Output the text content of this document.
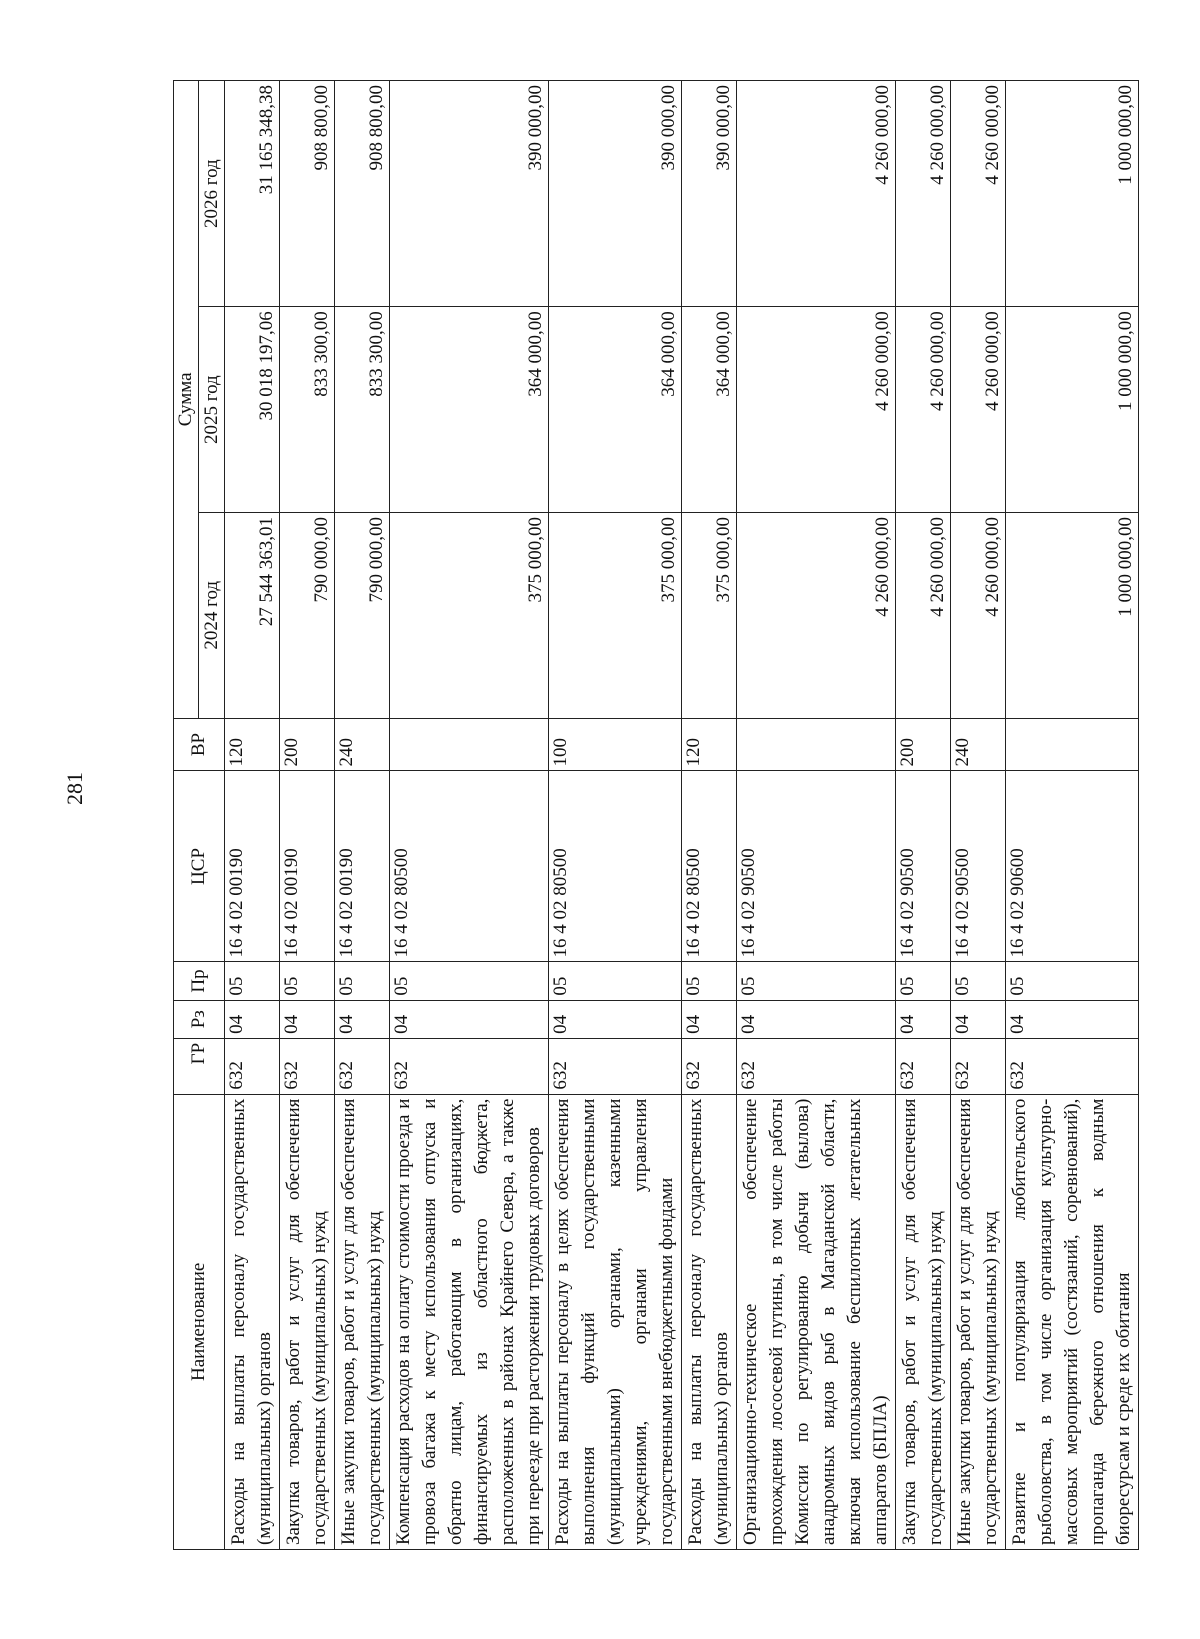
281
Наименование	ГР	Рз	Пр	ЦСР	ВР	Сумма		
						2024 год	2025 год	2026 год
Расходы на выплаты персоналу государственных (муниципальных) органов	632	04	05	16 4 02 00190	120	27 544 363,01	30 018 197,06	31 165 348,38
Закупка товаров, работ и услуг для обеспечения государственных (муниципальных) нужд	632	04	05	16 4 02 00190	200	790 000,00	833 300,00	908 800,00
Иные закупки товаров, работ и услуг для обеспечения государственных (муниципальных) нужд	632	04	05	16 4 02 00190	240	790 000,00	833 300,00	908 800,00
Компенсация расходов на оплату стоимости проезда и провоза багажа к месту использования отпуска и обратно лицам, работающим в организациях, финансируемых из областного бюджета, расположенных в районах Крайнего Севера, а также при переезде при расторжении трудовых договоров	632	04	05	16 4 02 80500		375 000,00	364 000,00	390 000,00
Расходы на выплаты персоналу в целях обеспечения выполнения функций государственными (муниципальными) органами, казенными учреждениями, органами управления государственными внебюджетными фондами	632	04	05	16 4 02 80500	100	375 000,00	364 000,00	390 000,00
Расходы на выплаты персоналу государственных (муниципальных) органов	632	04	05	16 4 02 80500	120	375 000,00	364 000,00	390 000,00
Организационно-техническое обеспечение прохождения лососевой путины, в том числе работы Комиссии по регулированию добычи (вылова) анадромных видов рыб в Магаданской области, включая использование беспилотных летательных аппаратов (БПЛА)	632	04	05	16 4 02 90500		4 260 000,00	4 260 000,00	4 260 000,00
Закупка товаров, работ и услуг для обеспечения государственных (муниципальных) нужд	632	04	05	16 4 02 90500	200	4 260 000,00	4 260 000,00	4 260 000,00
Иные закупки товаров, работ и услуг для обеспечения государственных (муниципальных) нужд	632	04	05	16 4 02 90500	240	4 260 000,00	4 260 000,00	4 260 000,00
Развитие и популяризация любительского рыболовства, в том числе организация культурно-массовых мероприятий (состязаний, соревнований), пропаганда бережного отношения к водным биоресурсам и среде их обитания	632	04	05	16 4 02 90600		1 000 000,00	1 000 000,00	1 000 000,00
